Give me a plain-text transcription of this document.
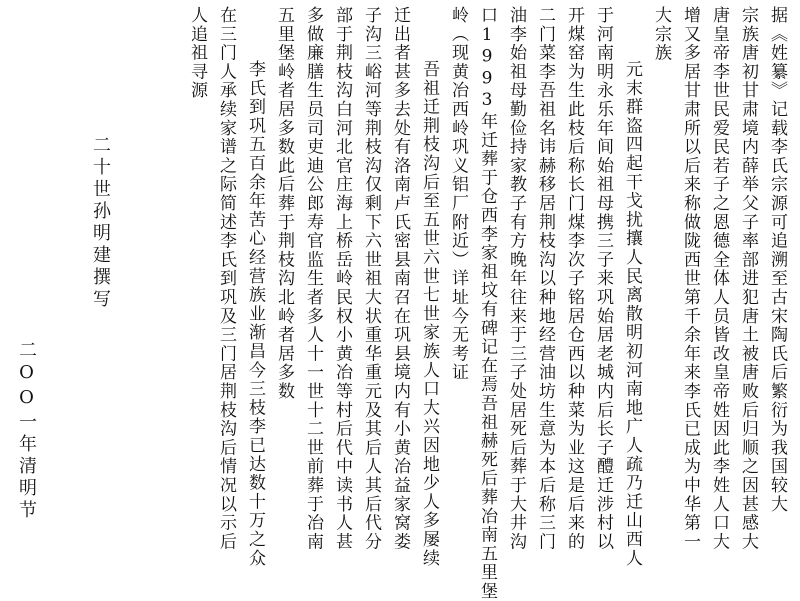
据《姓纂》记载李氏宗源可追溯至古宋陶氏后繁衍为我国较大
宗族唐初甘肃境内薛举父子率部进犯唐土被唐败后归顺之因甚感大
唐皇帝李世民爱民若子之恩德全体人员皆改皇帝姓因此李姓人口大
增又多居甘肃所以后来称做陇西世第千余年来李氏已成为中华第一
大宗族
元末群盗四起干戈扰攘人民离散明初河南地广人疏乃迁山西人
于河南明永乐年间始祖母携三子来巩始居老城内后长子醴迁涉村以
开煤窑为生此枝后称长门煤李次子铭居仓西以种菜为业这是后来的
二门菜李吾祖名讳赫移居荆枝沟以种地经营油坊生意为本后称三门
油李始祖母勤俭持家教子有方晚年往来于三子处居死后葬于大井沟
口1993年迁葬于仓西李家祖坟有碑记在焉吾祖赫死后葬冶南五里堡
岭（现黄冶西岭巩义铝厂附近）详址今无考证
吾祖迁荆枝沟后至五世六世七世家族人口大兴因地少人多屡续
迁出者甚多去处有洛南卢氏密县南召在巩县境内有小黄冶益家窝娄
子沟三峪河等荆枝沟仅剩下六世祖大状重华重元及其后人其后代分
部于荆枝沟白河北官庄海上桥岳岭民权小黄冶等村后代中读书人甚
多做廉膳生员司吏迪公郎寿官监生者多人十一世十二世前葬于冶南
五里堡岭者居多数此后葬于荆枝沟北岭者居多数
李氏到巩五百余年苦心经营族业渐昌今三枝李已达数十万之众
在三门人承续家谱之际简述李氏到巩及三门居荆枝沟后情况以示后
人追祖寻源
二十世孙明建撰写
二ΟΟ一年清明节
